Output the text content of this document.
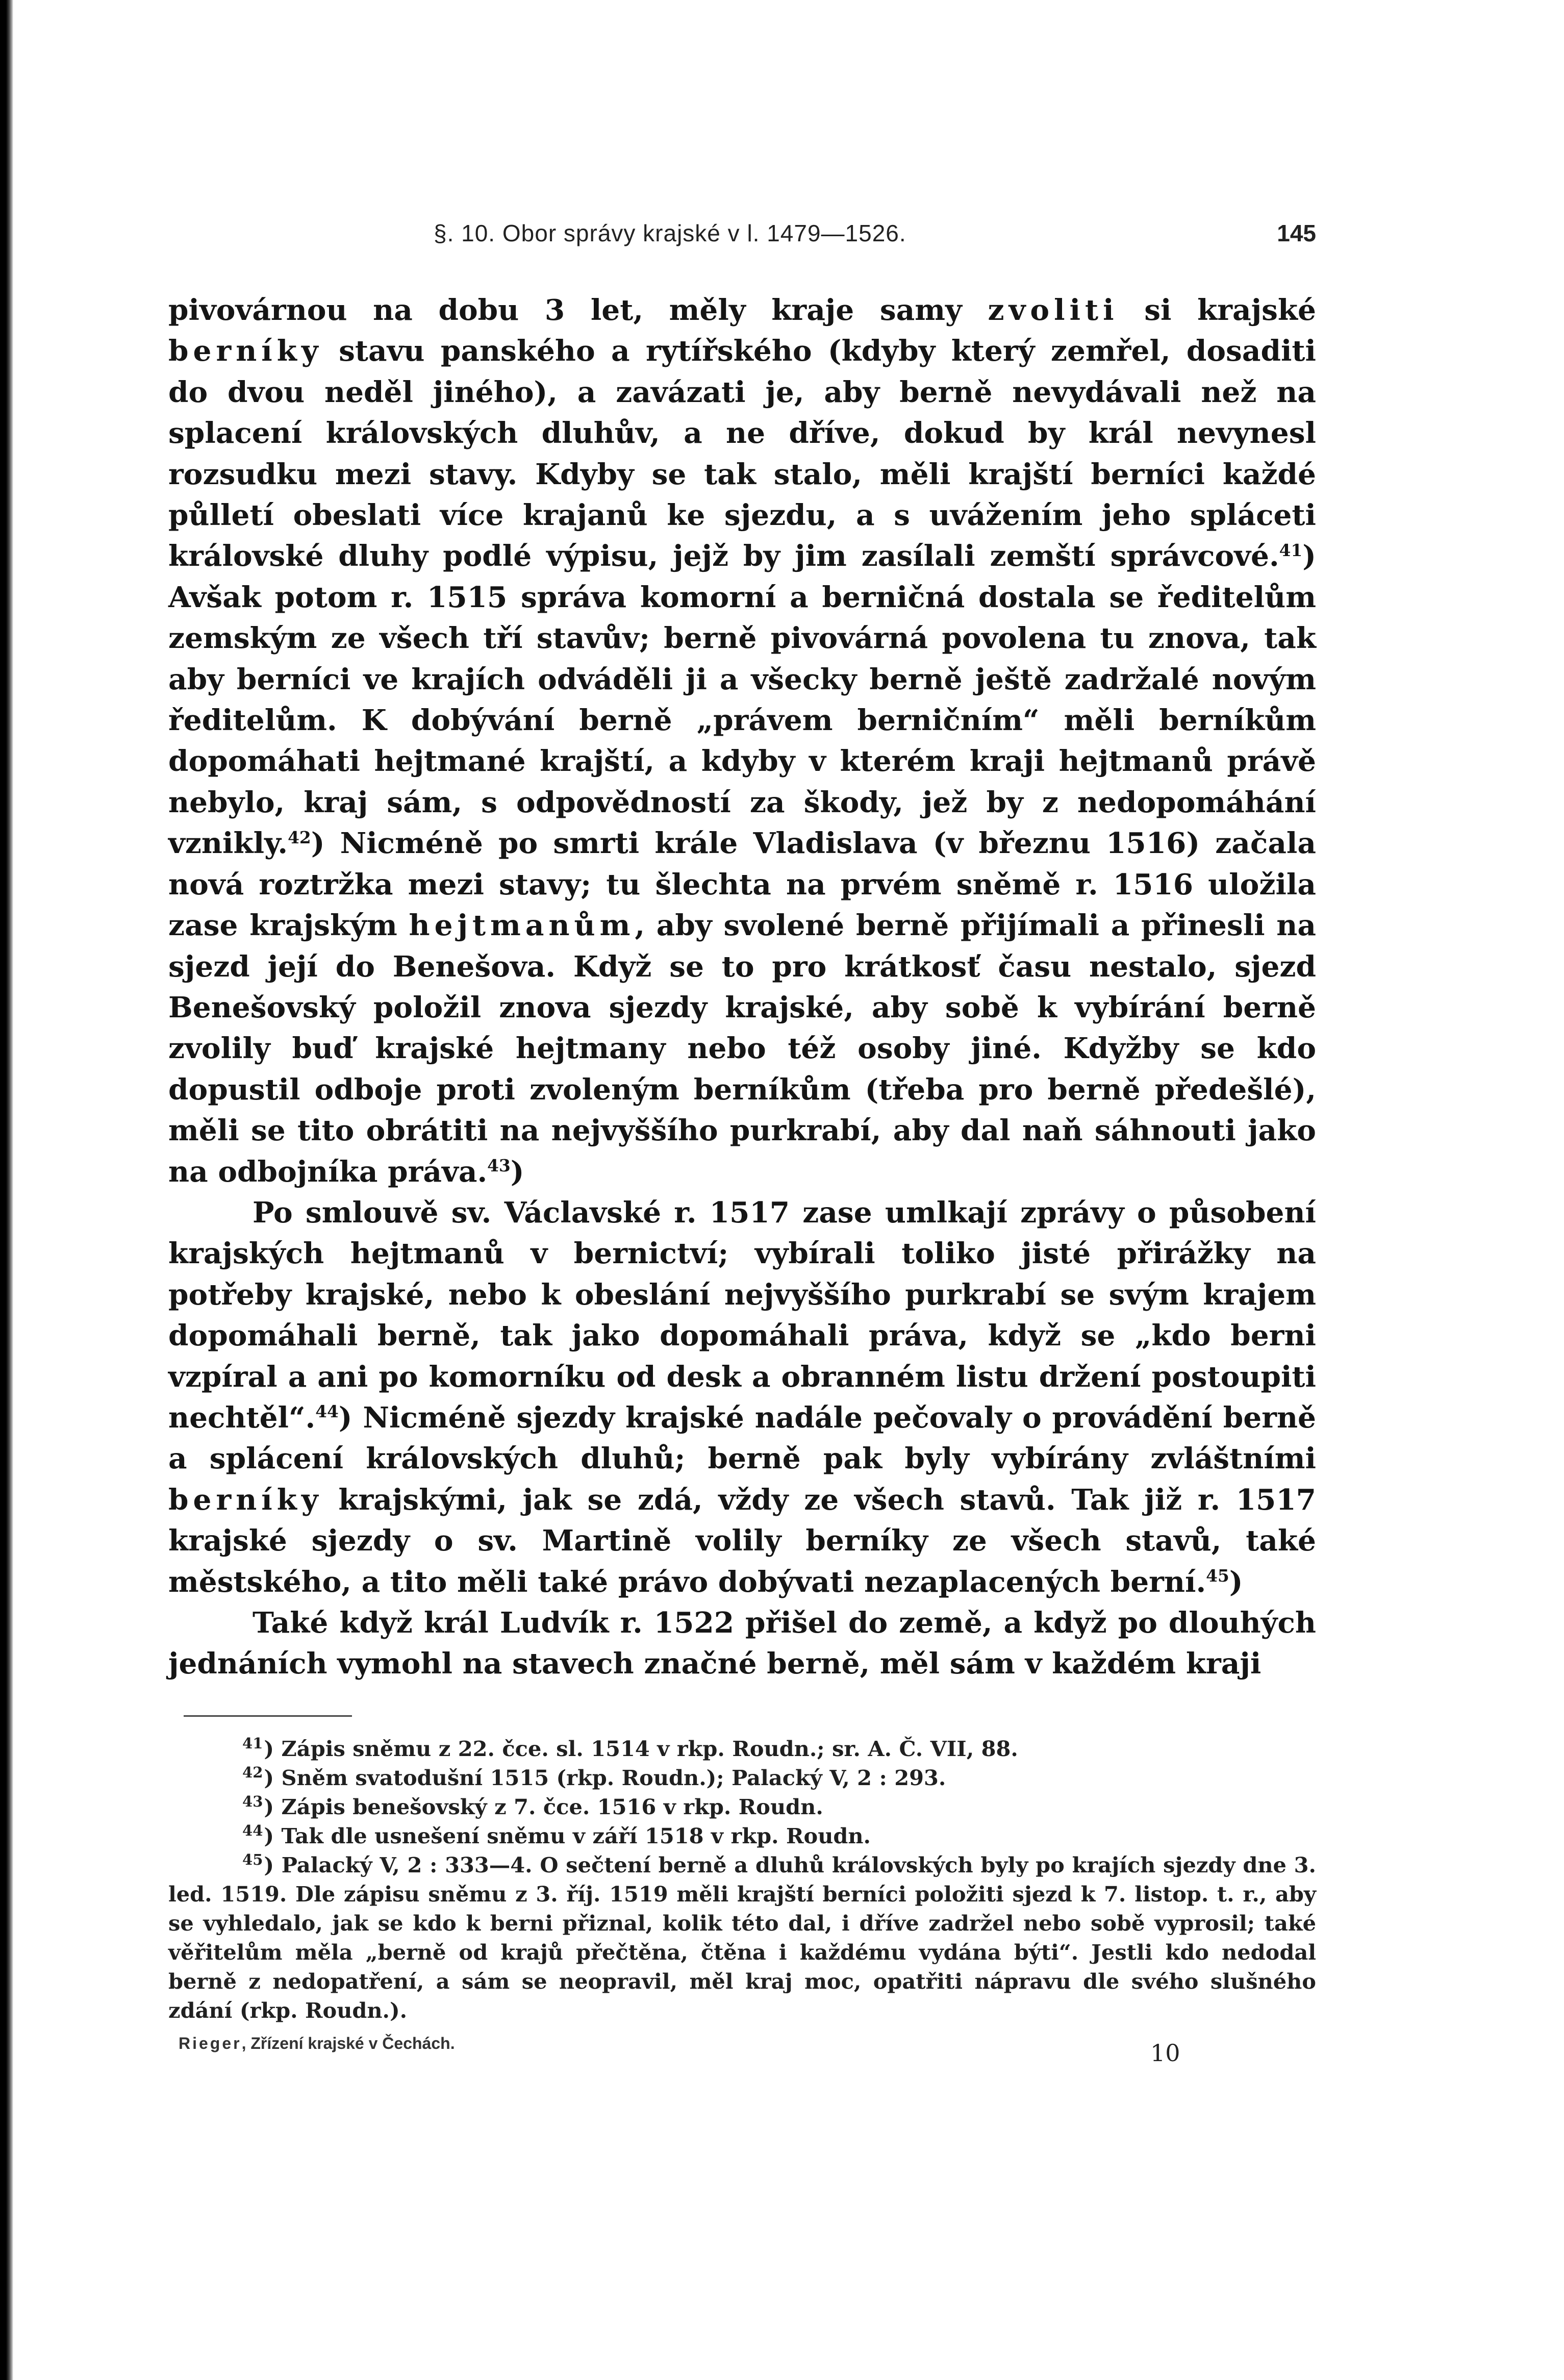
§. 10. Obor správy krajské v l. 1479—1526.	145

pivovárnou na dobu 3 let, měly kraje samy zvoliti si krajské berníky stavu panského a rytířského (kdyby který zemřel, dosaditi do dvou neděl jiného), a zavázati je, aby berně nevydávali než na splacení královských dluhův, a ne dříve, dokud by král nevynesl rozsudku mezi stavy. Kdyby se tak stalo, měli krajští berníci každé půlletí obeslati více krajanů ke sjezdu, a s uvážením jeho spláceti královské dluhy podlé výpisu, jejž by jim zasílali zemští správcové.$^{41}$) Avšak potom r. 1515 správa komorní a berničná dostala se ředitelům zemským ze všech tří stavův; berně pivovárná povolena tu znova, tak aby berníci ve krajích odváděli ji a všecky berně ještě zadržalé novým ředitelům. K dobývání berně „právem berničním“ měli berníkům dopomáhati hejtmané krajští, a kdyby v kterém kraji hejtmanů právě nebylo, kraj sám, s odpovědností za škody, jež by z nedopomáhání vznikly.$^{42}$) Nicméně po smrti krále Vladislava (v březnu 1516) začala nová roztržka mezi stavy; tu šlechta na prvém sněmě r. 1516 uložila zase krajským hejtmanům, aby svolené berně přijímali a přinesli na sjezd její do Benešova. Když se to pro krátkosť času nestalo, sjezd Benešovský položil znova sjezdy krajské, aby sobě k vybírání berně zvolily buď krajské hejtmany nebo též osoby jiné. Kdyžby se kdo dopustil odboje proti zvoleným berníkům (třeba pro berně předešlé), měli se tito obrátiti na nejvyššího purkrabí, aby dal naň sáhnouti jako na odbojníka práva.$^{43}$)

Po smlouvě sv. Václavské r. 1517 zase umlkají zprávy o působení krajských hejtmanů v bernictví; vybírali toliko jisté přirážky na potřeby krajské, nebo k obeslání nejvyššího purkrabí se svým krajem dopomáhali berně, tak jako dopomáhali práva, když se „kdo berni vzpíral a ani po komorníku od desk a obranném listu držení postoupiti nechtěl“.$^{44}$) Nicméně sjezdy krajské nadále pečovaly o provádění berně a splácení královských dluhů; berně pak byly vybírány zvláštními berníky krajskými, jak se zdá, vždy ze všech stavů. Tak již r. 1517 krajské sjezdy o sv. Martině volily berníky ze všech stavů, také městského, a tito měli také právo dobývati nezaplacených berní.$^{45}$)

Také když král Ludvík r. 1522 přišel do země, a když po dlouhých jednáních vymohl na stavech značné berně, měl sám v každém kraji

$^{41}$) Zápis sněmu z 22. čce. sl. 1514 v rkp. Roudn.; sr. A. Č. VII, 88.

$^{42}$) Sněm svatodušní 1515 (rkp. Roudn.); Palacký V, 2 : 293.

$^{43}$) Zápis benešovský z 7. čce. 1516 v rkp. Roudn.

$^{44}$) Tak dle usnešení sněmu v září 1518 v rkp. Roudn.

$^{45}$) Palacký V, 2 : 333—4. O sečtení berně a dluhů královských byly po krajích sjezdy dne 3. led. 1519. Dle zápisu sněmu z 3. říj. 1519 měli krajští berníci položiti sjezd k 7. listop. t. r., aby se vyhledalo, jak se kdo k berni přiznal, kolik této dal, i dříve zadržel nebo sobě vyprosil; také věřitelům měla „berně od krajů přečtěna, čtěna i každému vydána býti“. Jestli kdo nedodal berně z nedopatření, a sám se neopravil, měl kraj moc, opatřiti nápravu dle svého slušného zdání (rkp. Roudn.).

Rieger, Zřízení krajské v Čechách.	10
